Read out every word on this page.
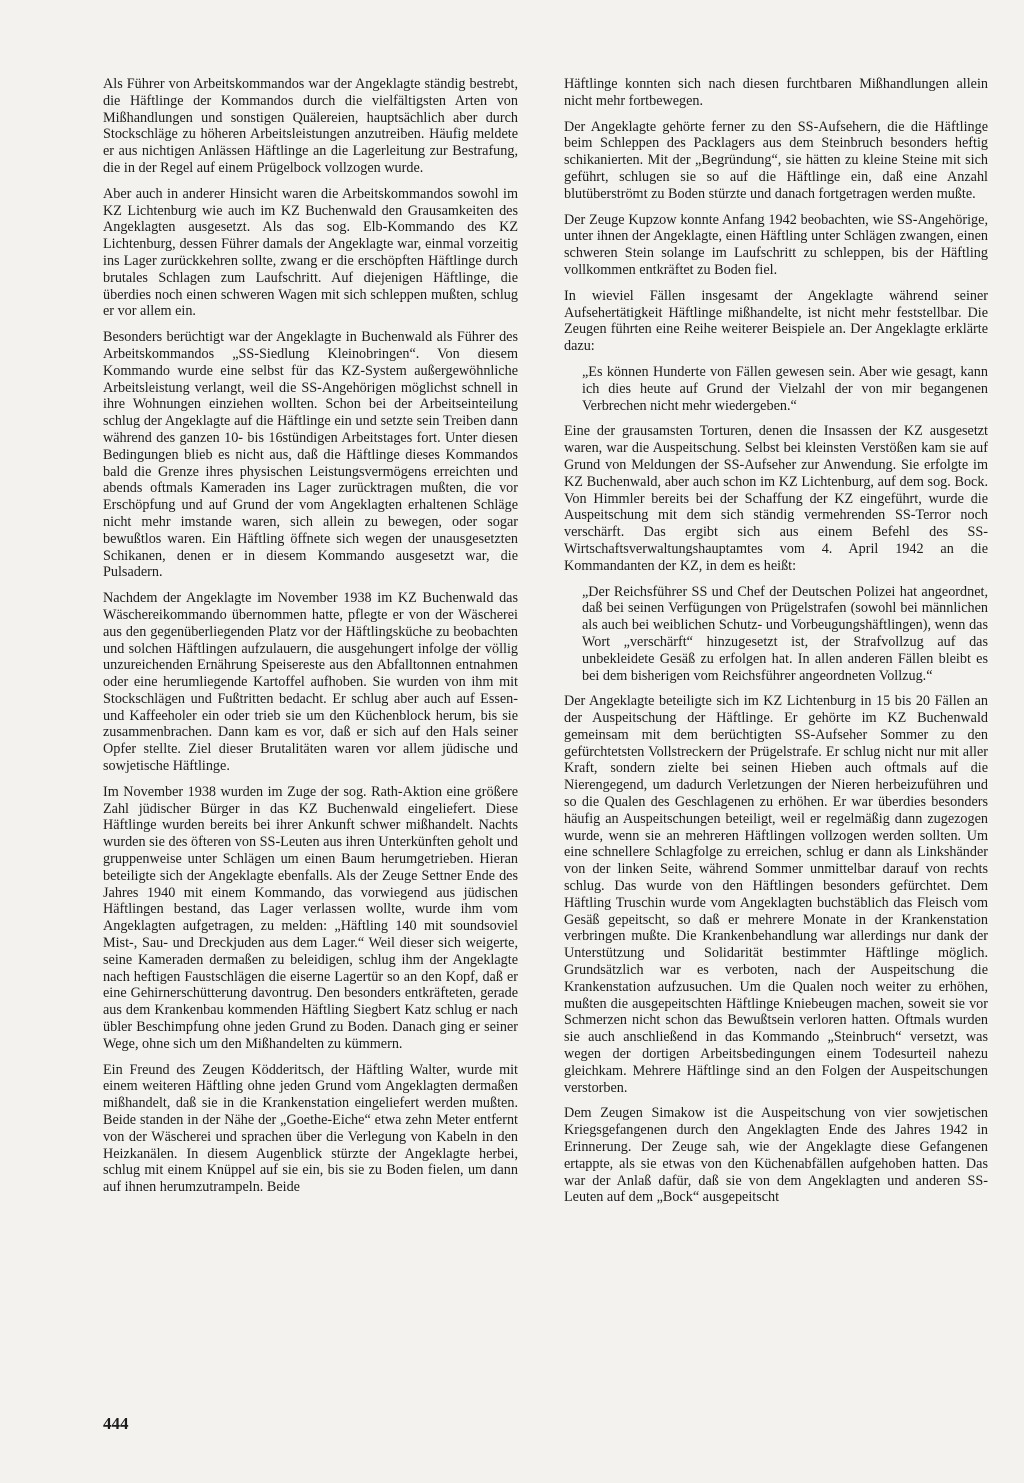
Als Führer von Arbeitskommandos war der Angeklagte ständig bestrebt, die Häftlinge der Kommandos durch die vielfältigsten Arten von Mißhandlungen und sonstigen Quälereien, hauptsächlich aber durch Stockschläge zu höheren Arbeitsleistungen anzutreiben. Häufig meldete er aus nichtigen Anlässen Häftlinge an die Lagerleitung zur Bestrafung, die in der Regel auf einem Prügelbock vollzogen wurde.

Aber auch in anderer Hinsicht waren die Arbeitskommandos sowohl im KZ Lichtenburg wie auch im KZ Buchenwald den Grausamkeiten des Angeklagten ausgesetzt. Als das sog. Elb-Kommando des KZ Lichtenburg, dessen Führer damals der Angeklagte war, einmal vorzeitig ins Lager zurückkehren sollte, zwang er die erschöpften Häftlinge durch brutales Schlagen zum Laufschritt. Auf diejenigen Häftlinge, die überdies noch einen schweren Wagen mit sich schleppen mußten, schlug er vor allem ein.

Besonders berüchtigt war der Angeklagte in Buchenwald als Führer des Arbeitskommandos „SS-Siedlung Kleinobringen“. Von diesem Kommando wurde eine selbst für das KZ-System außergewöhnliche Arbeitsleistung verlangt, weil die SS-Angehörigen möglichst schnell in ihre Wohnungen einziehen wollten. Schon bei der Arbeitseinteilung schlug der Angeklagte auf die Häftlinge ein und setzte sein Treiben dann während des ganzen 10- bis 16stündigen Arbeitstages fort. Unter diesen Bedingungen blieb es nicht aus, daß die Häftlinge dieses Kommandos bald die Grenze ihres physischen Leistungsvermögens erreichten und abends oftmals Kameraden ins Lager zurücktragen mußten, die vor Erschöpfung und auf Grund der vom Angeklagten erhaltenen Schläge nicht mehr imstande waren, sich allein zu bewegen, oder sogar bewußtlos waren. Ein Häftling öffnete sich wegen der unausgesetzten Schikanen, denen er in diesem Kommando ausgesetzt war, die Pulsadern.

Nachdem der Angeklagte im November 1938 im KZ Buchenwald das Wäschereikommando übernommen hatte, pflegte er von der Wäscherei aus den gegenüberliegenden Platz vor der Häftlingsküche zu beobachten und solchen Häftlingen aufzulauern, die ausgehungert infolge der völlig unzureichenden Ernährung Speisereste aus den Abfalltonnen entnahmen oder eine herumliegende Kartoffel aufhoben. Sie wurden von ihm mit Stockschlägen und Fußtritten bedacht. Er schlug aber auch auf Essen- und Kaffeeholer ein oder trieb sie um den Küchenblock herum, bis sie zusammenbrachen. Dann kam es vor, daß er sich auf den Hals seiner Opfer stellte. Ziel dieser Brutalitäten waren vor allem jüdische und sowjetische Häftlinge.

Im November 1938 wurden im Zuge der sog. Rath-Aktion eine größere Zahl jüdischer Bürger in das KZ Buchenwald eingeliefert. Diese Häftlinge wurden bereits bei ihrer Ankunft schwer mißhandelt. Nachts wurden sie des öfteren von SS-Leuten aus ihren Unterkünften geholt und gruppenweise unter Schlägen um einen Baum herumgetrieben. Hieran beteiligte sich der Angeklagte ebenfalls. Als der Zeuge Settner Ende des Jahres 1940 mit einem Kommando, das vorwiegend aus jüdischen Häftlingen bestand, das Lager verlassen wollte, wurde ihm vom Angeklagten aufgetragen, zu melden: „Häftling 140 mit soundsoviel Mist-, Sau- und Dreckjuden aus dem Lager.“ Weil dieser sich weigerte, seine Kameraden dermaßen zu beleidigen, schlug ihm der Angeklagte nach heftigen Faustschlägen die eiserne Lagertür so an den Kopf, daß er eine Gehirnerschütterung davontrug. Den besonders entkräfteten, gerade aus dem Krankenbau kommenden Häftling Siegbert Katz schlug er nach übler Beschimpfung ohne jeden Grund zu Boden. Danach ging er seiner Wege, ohne sich um den Mißhandelten zu kümmern.

Ein Freund des Zeugen Ködderitsch, der Häftling Walter, wurde mit einem weiteren Häftling ohne jeden Grund vom Angeklagten dermaßen mißhandelt, daß sie in die Krankenstation eingeliefert werden mußten. Beide standen in der Nähe der „Goethe-Eiche“ etwa zehn Meter entfernt von der Wäscherei und sprachen über die Verlegung von Kabeln in den Heizkanälen. In diesem Augenblick stürzte der Angeklagte herbei, schlug mit einem Knüppel auf sie ein, bis sie zu Boden fielen, um dann auf ihnen herumzutrampeln. Beide

Häftlinge konnten sich nach diesen furchtbaren Mißhandlungen allein nicht mehr fortbewegen.

Der Angeklagte gehörte ferner zu den SS-Aufsehern, die die Häftlinge beim Schleppen des Packlagers aus dem Steinbruch besonders heftig schikanierten. Mit der „Begründung“, sie hätten zu kleine Steine mit sich geführt, schlugen sie so auf die Häftlinge ein, daß eine Anzahl blutüberströmt zu Boden stürzte und danach fortgetragen werden mußte.

Der Zeuge Kupzow konnte Anfang 1942 beobachten, wie SS-Angehörige, unter ihnen der Angeklagte, einen Häftling unter Schlägen zwangen, einen schweren Stein solange im Laufschritt zu schleppen, bis der Häftling vollkommen entkräftet zu Boden fiel.

In wieviel Fällen insgesamt der Angeklagte während seiner Aufsehertätigkeit Häftlinge mißhandelte, ist nicht mehr feststellbar. Die Zeugen führten eine Reihe weiterer Beispiele an. Der Angeklagte erklärte dazu:

„Es können Hunderte von Fällen gewesen sein. Aber wie gesagt, kann ich dies heute auf Grund der Vielzahl der von mir begangenen Verbrechen nicht mehr wiedergeben.“

Eine der grausamsten Torturen, denen die Insassen der KZ ausgesetzt waren, war die Auspeitschung. Selbst bei kleinsten Verstößen kam sie auf Grund von Meldungen der SS-Aufseher zur Anwendung. Sie erfolgte im KZ Buchenwald, aber auch schon im KZ Lichtenburg, auf dem sog. Bock. Von Himmler bereits bei der Schaffung der KZ eingeführt, wurde die Auspeitschung mit dem sich ständig vermehrenden SS-Terror noch verschärft. Das ergibt sich aus einem Befehl des SS-Wirtschaftsverwaltungshauptamtes vom 4. April 1942 an die Kommandanten der KZ, in dem es heißt:

„Der Reichsführer SS und Chef der Deutschen Polizei hat angeordnet, daß bei seinen Verfügungen von Prügelstrafen (sowohl bei männlichen als auch bei weiblichen Schutz- und Vorbeugungshäftlingen), wenn das Wort „verschärft“ hinzugesetzt ist, der Strafvollzug auf das unbekleidete Gesäß zu erfolgen hat. In allen anderen Fällen bleibt es bei dem bisherigen vom Reichsführer angeordneten Vollzug.“

Der Angeklagte beteiligte sich im KZ Lichtenburg in 15 bis 20 Fällen an der Auspeitschung der Häftlinge. Er gehörte im KZ Buchenwald gemeinsam mit dem berüchtigten SS-Aufseher Sommer zu den gefürchtetsten Vollstreckern der Prügelstrafe. Er schlug nicht nur mit aller Kraft, sondern zielte bei seinen Hieben auch oftmals auf die Nierengegend, um dadurch Verletzungen der Nieren herbeizuführen und so die Qualen des Geschlagenen zu erhöhen. Er war überdies besonders häufig an Auspeitschungen beteiligt, weil er regelmäßig dann zugezogen wurde, wenn sie an mehreren Häftlingen vollzogen werden sollten. Um eine schnellere Schlagfolge zu erreichen, schlug er dann als Linkshänder von der linken Seite, während Sommer unmittelbar darauf von rechts schlug. Das wurde von den Häftlingen besonders gefürchtet. Dem Häftling Truschin wurde vom Angeklagten buchstäblich das Fleisch vom Gesäß gepeitscht, so daß er mehrere Monate in der Krankenstation verbringen mußte. Die Krankenbehandlung war allerdings nur dank der Unterstützung und Solidarität bestimmter Häftlinge möglich. Grundsätzlich war es verboten, nach der Auspeitschung die Krankenstation aufzusuchen. Um die Qualen noch weiter zu erhöhen, mußten die ausgepeitschten Häftlinge Kniebeugen machen, soweit sie vor Schmerzen nicht schon das Bewußtsein verloren hatten. Oftmals wurden sie auch anschließend in das Kommando „Steinbruch“ versetzt, was wegen der dortigen Arbeitsbedingungen einem Todesurteil nahezu gleichkam. Mehrere Häftlinge sind an den Folgen der Auspeitschungen verstorben.

Dem Zeugen Simakow ist die Auspeitschung von vier sowjetischen Kriegsgefangenen durch den Angeklagten Ende des Jahres 1942 in Erinnerung. Der Zeuge sah, wie der Angeklagte diese Gefangenen ertappte, als sie etwas von den Küchenabfällen aufgehoben hatten. Das war der Anlaß dafür, daß sie von dem Angeklagten und anderen SS-Leuten auf dem „Bock“ ausgepeitscht

444
